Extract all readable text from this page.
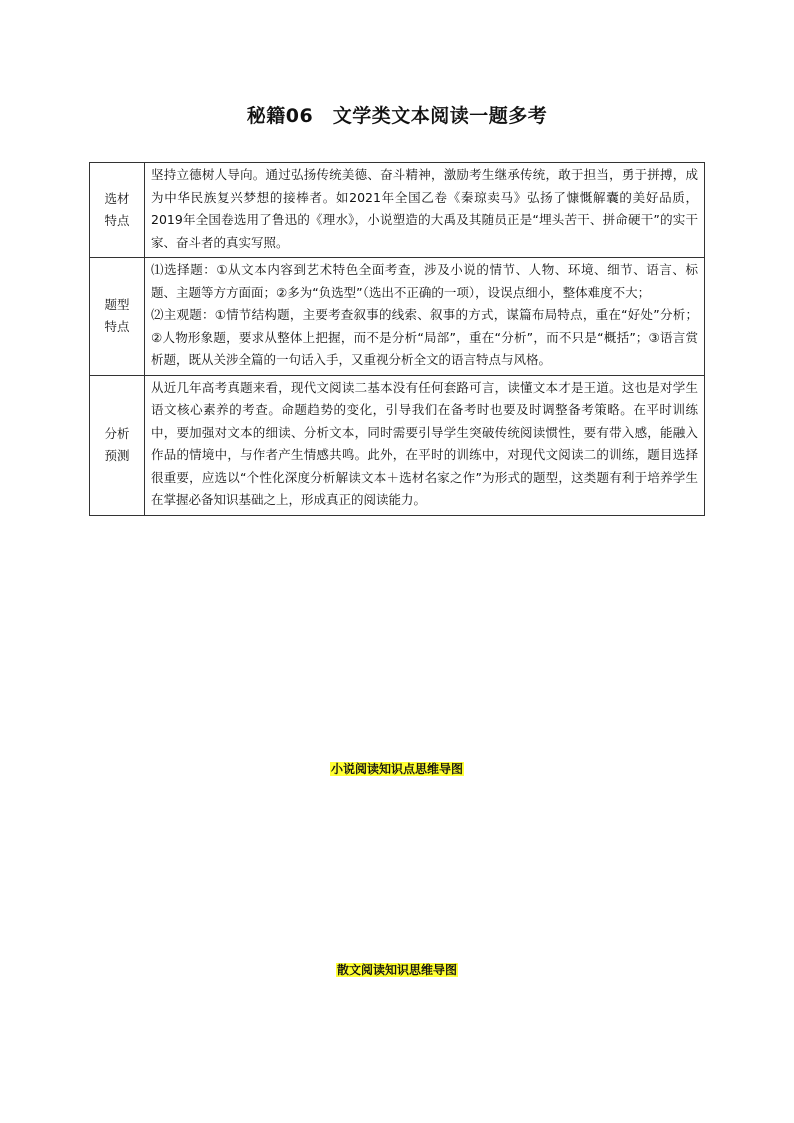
秘籍06　文学类文本阅读一题多考
选材
特点	坚持立德树人导向。通过弘扬传统美德、奋斗精神，激励考生继承传统，敢于担当，勇于拼搏，成为中华民族复兴梦想的接棒者。如2021年全国乙卷《秦琼卖马》弘扬了慷慨解囊的美好品质，2019年全国卷选用了鲁迅的《理水》，小说塑造的大禹及其随员正是“埋头苦干、拼命硬干”的实干家、奋斗者的真实写照。

题型
特点	⑴选择题：①从文本内容到艺术特色全面考查，涉及小说的情节、人物、环境、细节、语言、标题、主题等方方面面；②多为“负选型”（选出不正确的一项），设误点细小，整体难度不大；
⑵主观题：①情节结构题，主要考查叙事的线索、叙事的方式，谋篇布局特点，重在“好处”分析；②人物形象题，要求从整体上把握，而不是分析“局部”，重在“分析”，而不只是“概括”；③语言赏析题，既从关涉全篇的一句话入手，又重视分析全文的语言特点与风格。

分析
预测	从近几年高考真题来看，现代文阅读二基本没有任何套路可言，读懂文本才是王道。这也是对学生语文核心素养的考查。命题趋势的变化，引导我们在备考时也要及时调整备考策略。在平时训练中，要加强对文本的细读、分析文本，同时需要引导学生突破传统阅读惯性，要有带入感，能融入作品的情境中，与作者产生情感共鸣。此外，在平时的训练中，对现代文阅读二的训练，题目选择很重要，应选以“个性化深度分析解读文本＋选材名家之作”为形式的题型，这类题有利于培养学生在掌握必备知识基础之上，形成真正的阅读能力。
小说阅读知识点思维导图
散文阅读知识思维导图
